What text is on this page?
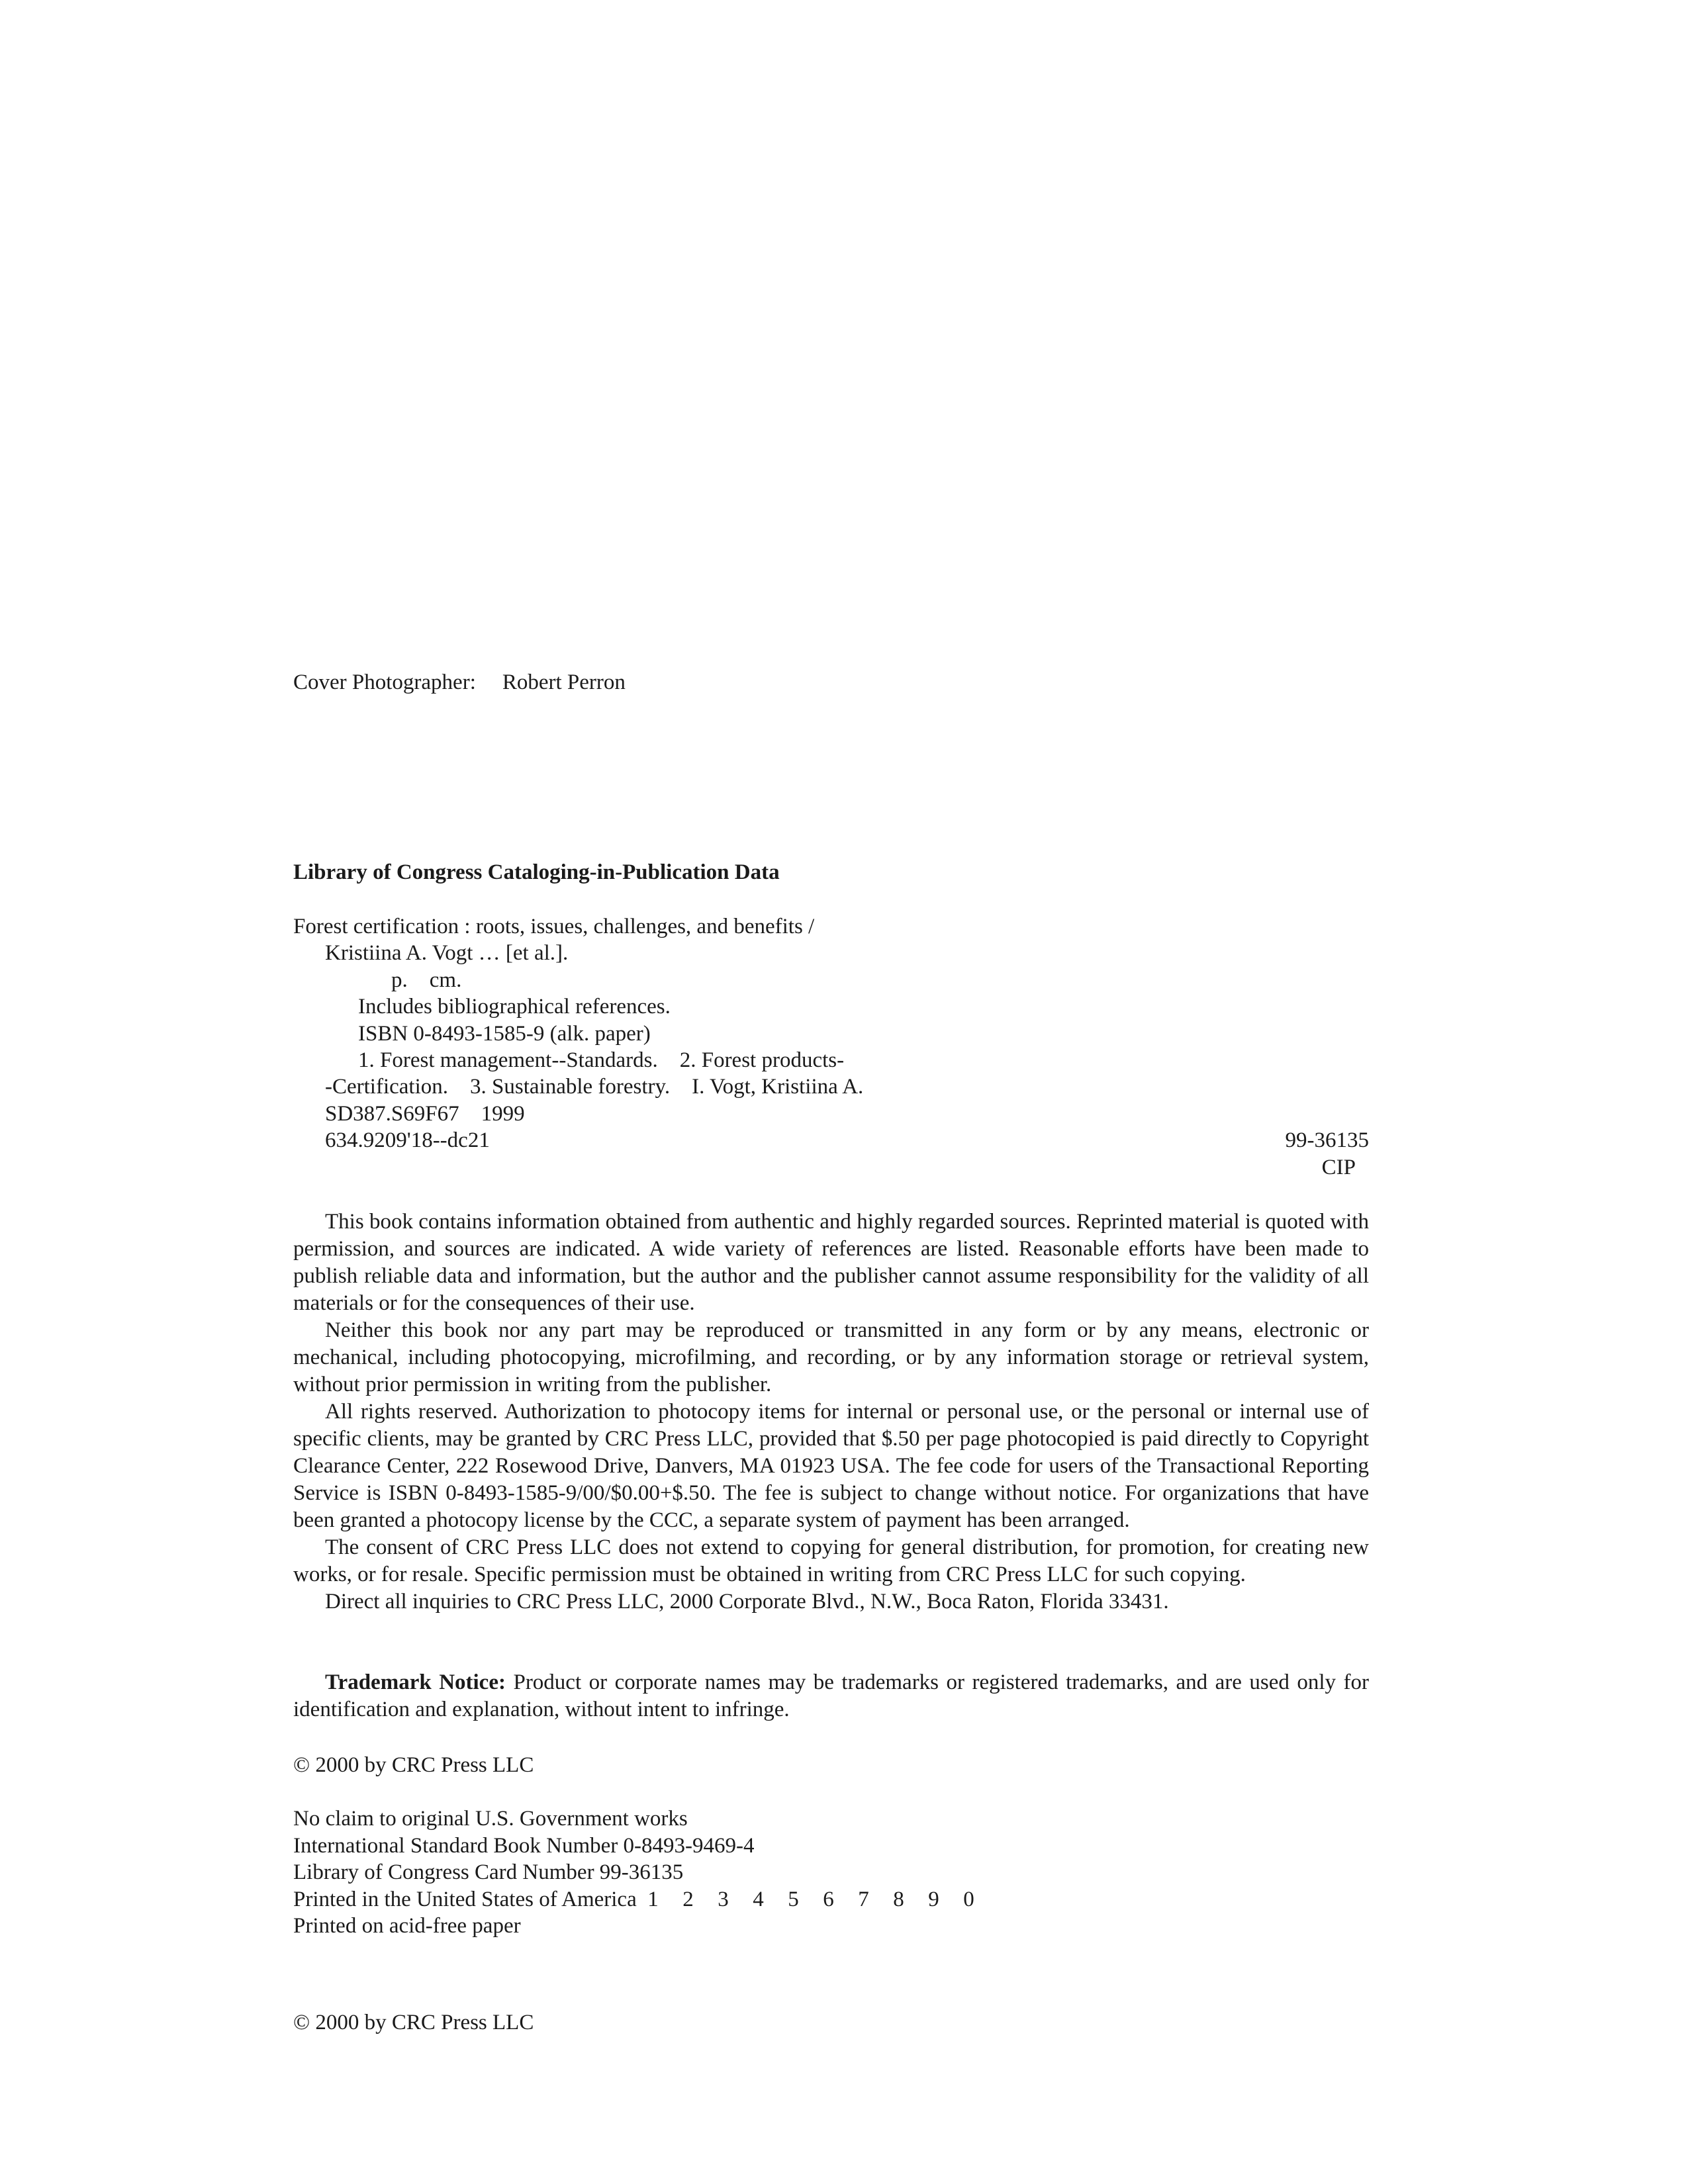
Cover Photographer: Robert Perron
Library of Congress Cataloging-in-Publication Data
Forest certification : roots, issues, challenges, and benefits /
Kristiina A. Vogt … [et al.].
p.    cm.
Includes bibliographical references.
ISBN 0-8493-1585-9 (alk. paper)
1. Forest management--Standards.    2. Forest products-
-Certification.    3. Sustainable forestry.    I. Vogt, Kristiina A.
SD387.S69F67    1999
634.9209'18--dc21	99-36135
CIP

This book contains information obtained from authentic and highly regarded sources. Reprinted material is quoted with permission, and sources are indicated. A wide variety of references are listed. Reasonable efforts have been made to publish reliable data and information, but the author and the publisher cannot assume responsibility for the validity of all materials or for the consequences of their use.

Neither this book nor any part may be reproduced or transmitted in any form or by any means, electronic or mechanical, including photocopying, microfilming, and recording, or by any information storage or retrieval system, without prior permission in writing from the publisher.

All rights reserved. Authorization to photocopy items for internal or personal use, or the personal or internal use of specific clients, may be granted by CRC Press LLC, provided that $.50 per page photocopied is paid directly to Copyright Clearance Center, 222 Rosewood Drive, Danvers, MA 01923 USA. The fee code for users of the Transactional Reporting Service is ISBN 0-8493-1585-9/00/$0.00+$.50. The fee is subject to change without notice. For organizations that have been granted a photocopy license by the CCC, a separate system of payment has been arranged.

The consent of CRC Press LLC does not extend to copying for general distribution, for promotion, for creating new works, or for resale. Specific permission must be obtained in writing from CRC Press LLC for such copying.

Direct all inquiries to CRC Press LLC, 2000 Corporate Blvd., N.W., Boca Raton, Florida 33431.

Trademark Notice: Product or corporate names may be trademarks or registered trademarks, and are used only for identification and explanation, without intent to infringe.

© 2000 by CRC Press LLC
No claim to original U.S. Government works
International Standard Book Number 0-8493-9469-4
Library of Congress Card Number 99-36135
Printed in the United States of America 1  2  3  4  5  6  7  8  9  0
Printed on acid-free paper
© 2000 by CRC Press LLC
